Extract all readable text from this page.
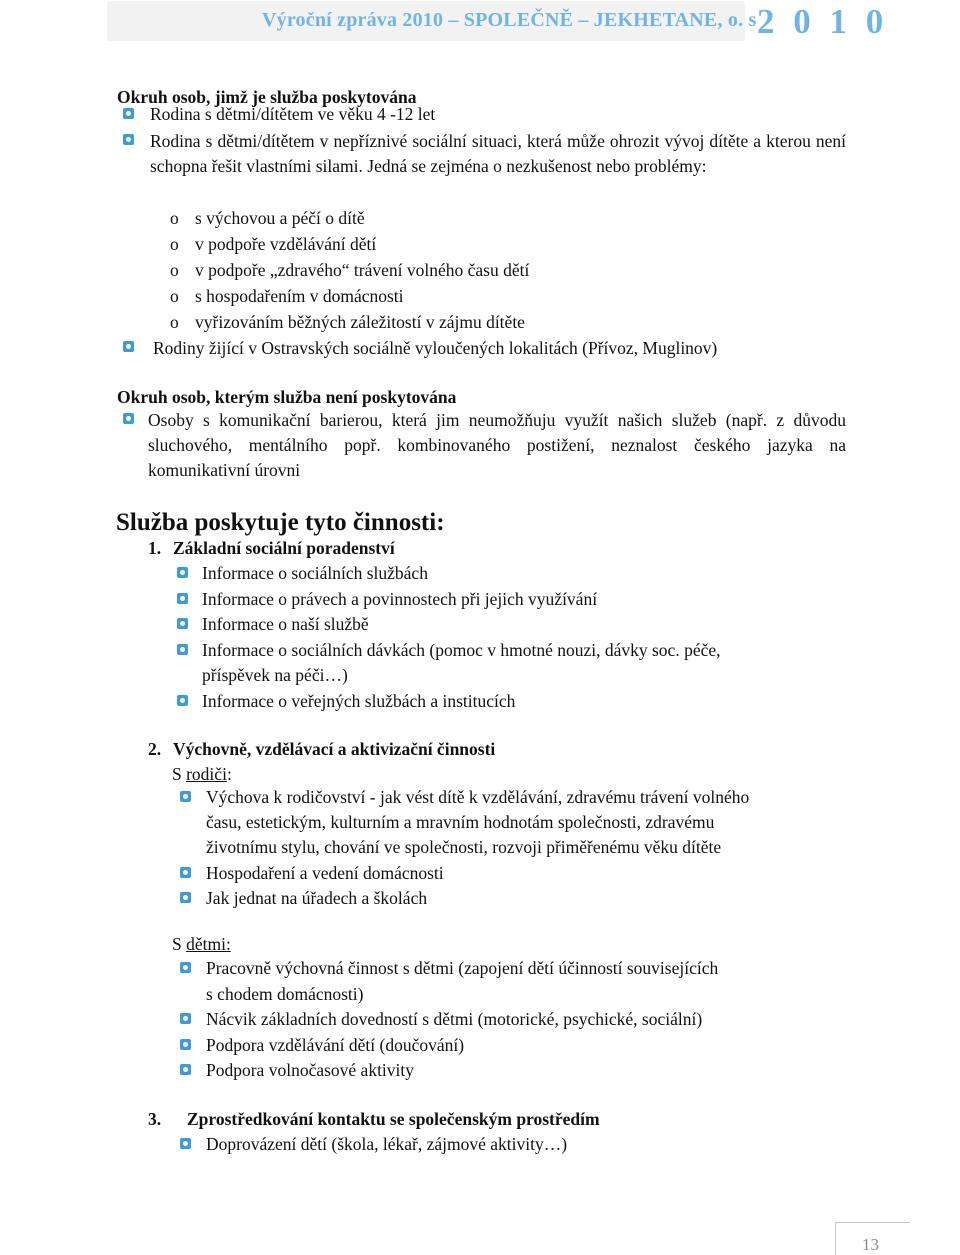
Výroční zpráva 2010 – SPOLEČNĚ – JEKHETANE, o. s 2 0 1 0
Okruh osob, jimž je služba poskytována
Rodina s dětmi/dítětem ve věku 4 -12 let
Rodina s dětmi/dítětem v nepříznivé sociální situaci, která může ohrozit vývoj dítěte a kterou není schopna řešit vlastními silami. Jedná se zejména o nezkušenost nebo problémy:
o s výchovou a péčí o dítě
o v podpoře vzdělávání dětí
o v podpoře „zdravého“ trávení volného času dětí
o s hospodařením v domácnosti
o vyřizováním běžných záležitostí v zájmu dítěte
Rodiny žijící v Ostravských sociálně vyloučených lokalitách (Přívoz, Muglinov)
Okruh osob, kterým služba není poskytována
Osoby s komunikační barierou, která jim neumožňuju využít našich služeb (např. z důvodu sluchového, mentálního popř. kombinovaného postižení, neznalost českého jazyka na komunikativní úrovni
Služba poskytuje tyto činnosti:
1. Základní sociální poradenství
Informace o sociálních službách
Informace o právech a povinnostech při jejich využívání
Informace o naší službě
Informace o sociálních dávkách (pomoc v hmotné nouzi, dávky soc. péče,
příspěvek na péči…)
Informace o veřejných službách a institucích
2. Výchovně, vzdělávací a aktivizační činnosti
S rodiči:
Výchova k rodičovství - jak vést dítě k vzdělávání, zdravému trávení volného
času, estetickým, kulturním a mravním hodnotám společnosti, zdravému
životnímu stylu, chování ve společnosti, rozvoji přiměřenému věku dítěte
Hospodaření a vedení domácnosti
Jak jednat na úřadech a školách
S dětmi:
Pracovně výchovná činnost s dětmi (zapojení dětí účinností souvisejících
s chodem domácnosti)
Nácvik základních dovedností s dětmi (motorické, psychické, sociální)
Podpora vzdělávání dětí (doučování)
Podpora volnočasové aktivity
3. Zprostředkování kontaktu se společenským prostředím
Doprovázení dětí (škola, lékař, zájmové aktivity…)
13
